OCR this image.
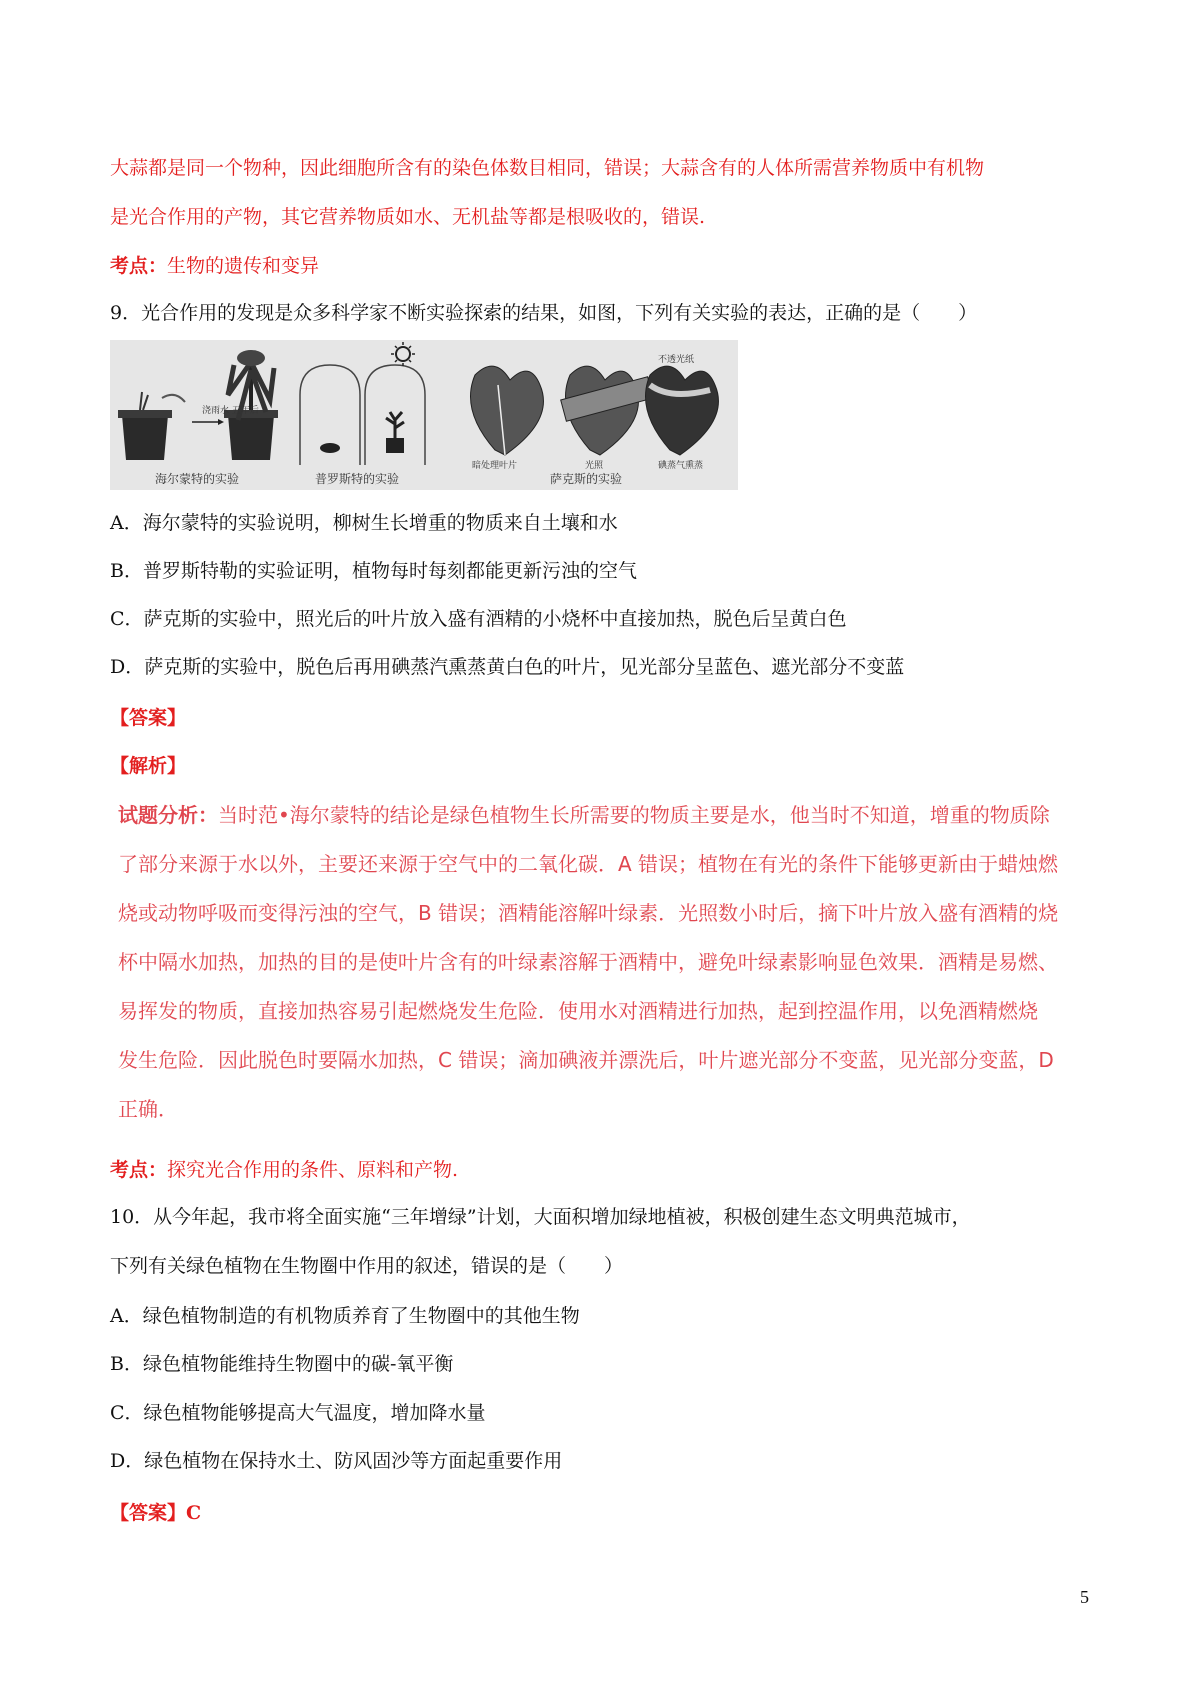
大蒜都是同一个物种，因此细胞所含有的染色体数目相同，错误；大蒜含有的人体所需营养物质中有机物
是光合作用的产物，其它营养物质如水、无机盐等都是根吸收的，错误.
考点：生物的遗传和变异
9．光合作用的发现是众多科学家不断实验探索的结果，如图，下列有关实验的表达，正确的是（　　）
浇雨水 五年后
海尔蒙特的实验	普罗斯特的实验	萨克斯的实验
暗处理叶片	光照	碘蒸气熏蒸
不透光纸
A．海尔蒙特的实验说明，柳树生长增重的物质来自土壤和水
B．普罗斯特勒的实验证明，植物每时每刻都能更新污浊的空气
C．萨克斯的实验中，照光后的叶片放入盛有酒精的小烧杯中直接加热，脱色后呈黄白色
D．萨克斯的实验中，脱色后再用碘蒸汽熏蒸黄白色的叶片，见光部分呈蓝色、遮光部分不变蓝
【答案】
【解析】
试题分析：当时范•海尔蒙特的结论是绿色植物生长所需要的物质主要是水，他当时不知道，增重的物质除
了部分来源于水以外，主要还来源于空气中的二氧化碳．A 错误；植物在有光的条件下能够更新由于蜡烛燃
烧或动物呼吸而变得污浊的空气，B 错误；酒精能溶解叶绿素．光照数小时后，摘下叶片放入盛有酒精的烧
杯中隔水加热，加热的目的是使叶片含有的叶绿素溶解于酒精中，避免叶绿素影响显色效果．酒精是易燃、
易挥发的物质，直接加热容易引起燃烧发生危险．使用水对酒精进行加热，起到控温作用，以免酒精燃烧
发生危险．因此脱色时要隔水加热，C 错误；滴加碘液并漂洗后，叶片遮光部分不变蓝，见光部分变蓝，D
正确．
考点：探究光合作用的条件、原料和产物.
10．从今年起，我市将全面实施“三年增绿”计划，大面积增加绿地植被，积极创建生态文明典范城市，
下列有关绿色植物在生物圈中作用的叙述，错误的是（　　）
A．绿色植物制造的有机物质养育了生物圈中的其他生物
B．绿色植物能维持生物圈中的碳-氧平衡
C．绿色植物能够提高大气温度，增加降水量
D．绿色植物在保持水土、防风固沙等方面起重要作用
【答案】C
5
